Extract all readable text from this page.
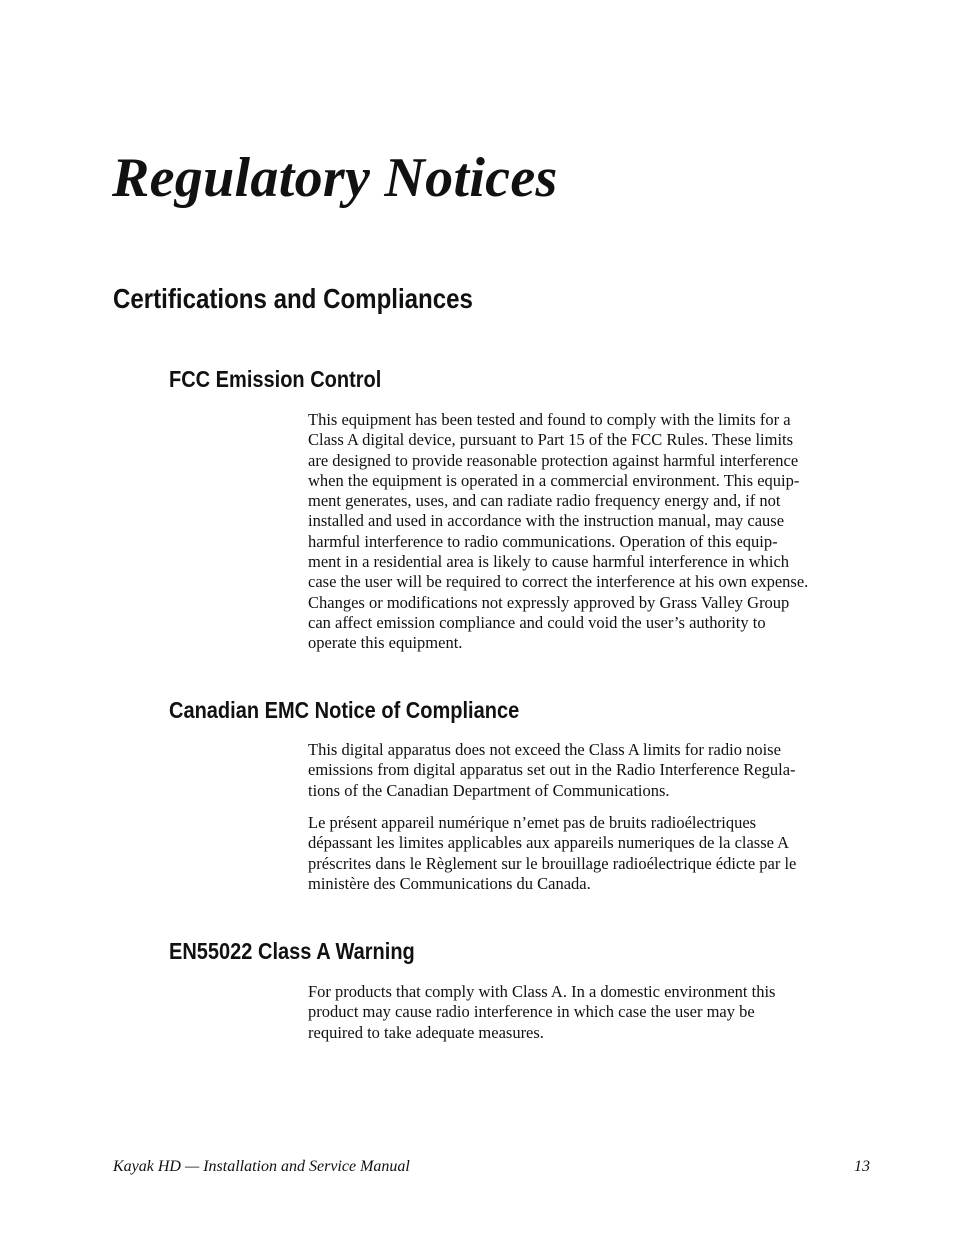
Regulatory Notices
Certifications and Compliances
FCC Emission Control

This equipment has been tested and found to comply with the limits for a
Class A digital device, pursuant to Part 15 of the FCC Rules. These limits
are designed to provide reasonable protection against harmful interference
when the equipment is operated in a commercial environment. This equip-
ment generates, uses, and can radiate radio frequency energy and, if not
installed and used in accordance with the instruction manual, may cause
harmful interference to radio communications. Operation of this equip-
ment in a residential area is likely to cause harmful interference in which
case the user will be required to correct the interference at his own expense.
Changes or modifications not expressly approved by Grass Valley Group
can affect emission compliance and could void the user’s authority to
operate this equipment.

Canadian EMC Notice of Compliance

This digital apparatus does not exceed the Class A limits for radio noise
emissions from digital apparatus set out in the Radio Interference Regula-
tions of the Canadian Department of Communications.

Le présent appareil numérique n’emet pas de bruits radioélectriques
dépassant les limites applicables aux appareils numeriques de la classe A
préscrites dans le Règlement sur le brouillage radioélectrique édicte par le
ministère des Communications du Canada.

EN55022 Class A Warning

For products that comply with Class A. In a domestic environment this
product may cause radio interference in which case the user may be
required to take adequate measures.

Kayak HD — Installation and Service Manual	13
